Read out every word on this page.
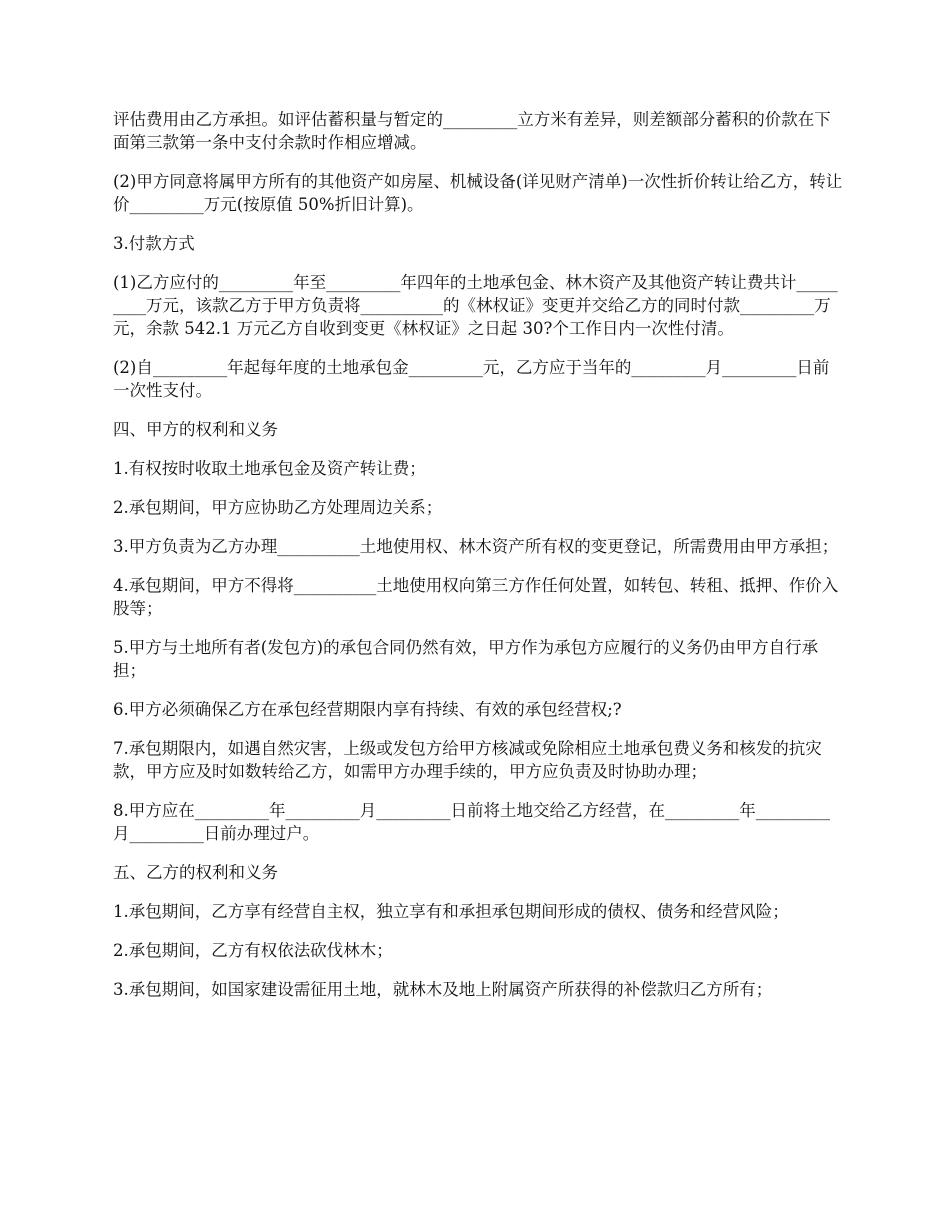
评估费用由乙方承担。如评估蓄积量与暂定的_________立方米有差异，则差额部分蓄积的价款在下面第三款第一条中支付余款时作相应增减。

(2)甲方同意将属甲方所有的其他资产如房屋、机械设备(详见财产清单)一次性折价转让给乙方，转让价_________万元(按原值 50%折旧计算)。

3.付款方式

(1)乙方应付的_________年至_________年四年的土地承包金、林木资产及其他资产转让费共计_________万元，该款乙方于甲方负责将__________的《林权证》变更并交给乙方的同时付款_________万元，余款 542.1 万元乙方自收到变更《林权证》之日起 30?个工作日内一次性付清。

(2)自_________年起每年度的土地承包金_________元，乙方应于当年的_________月_________日前一次性支付。

四、甲方的权利和义务

1.有权按时收取土地承包金及资产转让费；

2.承包期间，甲方应协助乙方处理周边关系；

3.甲方负责为乙方办理__________土地使用权、林木资产所有权的变更登记，所需费用由甲方承担；

4.承包期间，甲方不得将__________土地使用权向第三方作任何处置，如转包、转租、抵押、作价入股等；

5.甲方与土地所有者(发包方)的承包合同仍然有效，甲方作为承包方应履行的义务仍由甲方自行承担；

6.甲方必须确保乙方在承包经营期限内享有持续、有效的承包经营权;?

7.承包期限内，如遇自然灾害，上级或发包方给甲方核减或免除相应土地承包费义务和核发的抗灾款，甲方应及时如数转给乙方，如需甲方办理手续的，甲方应负责及时协助办理；

8.甲方应在_________年_________月_________日前将土地交给乙方经营，在_________年_________月_________日前办理过户。

五、乙方的权利和义务

1.承包期间，乙方享有经营自主权，独立享有和承担承包期间形成的债权、债务和经营风险；

2.承包期间，乙方有权依法砍伐林木；

3.承包期间，如国家建设需征用土地，就林木及地上附属资产所获得的补偿款归乙方所有；
